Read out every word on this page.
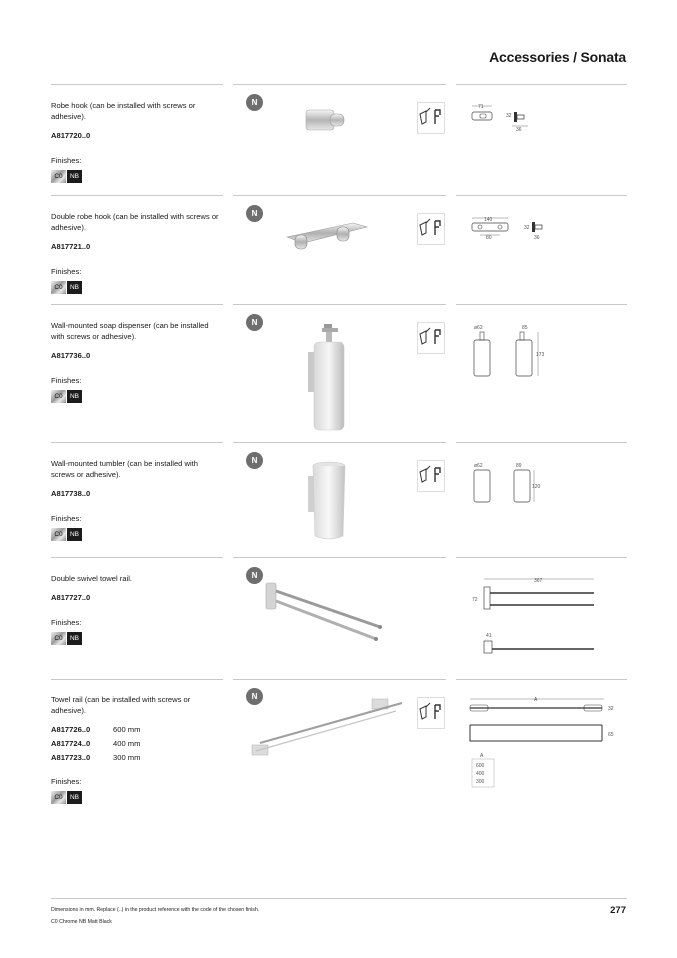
Accessories / Sonata
Robe hook (can be installed with screws or adhesive).
A817720..0
Finishes:
C0	NB
N	71
32
36
Double robe hook (can be installed with screws or adhesive).
A817721..0
Finishes:
C0	NB
N
140
80
32
36
Wall-mounted soap dispenser (can be installed with screws or adhesive).
A817736..0
Finishes:
C0	NB
N
ø62	85
173
Wall-mounted tumbler (can be installed with screws or adhesive).
A817738..0
Finishes:
C0	NB
N
ø62	89
120
Double swivel towel rail.
A817727..0
Finishes:
C0	NB
N
367
72
41
Towel rail (can be installed with screws or adhesive).
A817726..0	600 mm
A817724..0	400 mm
A817723..0	300 mm
Finishes:
C0	NB
N	A
32
65
A
600
400
300
Dimensions in mm. Replace (..) in the product reference with the code of the chosen finish.
C0 Chrome NB Matt Black
277
